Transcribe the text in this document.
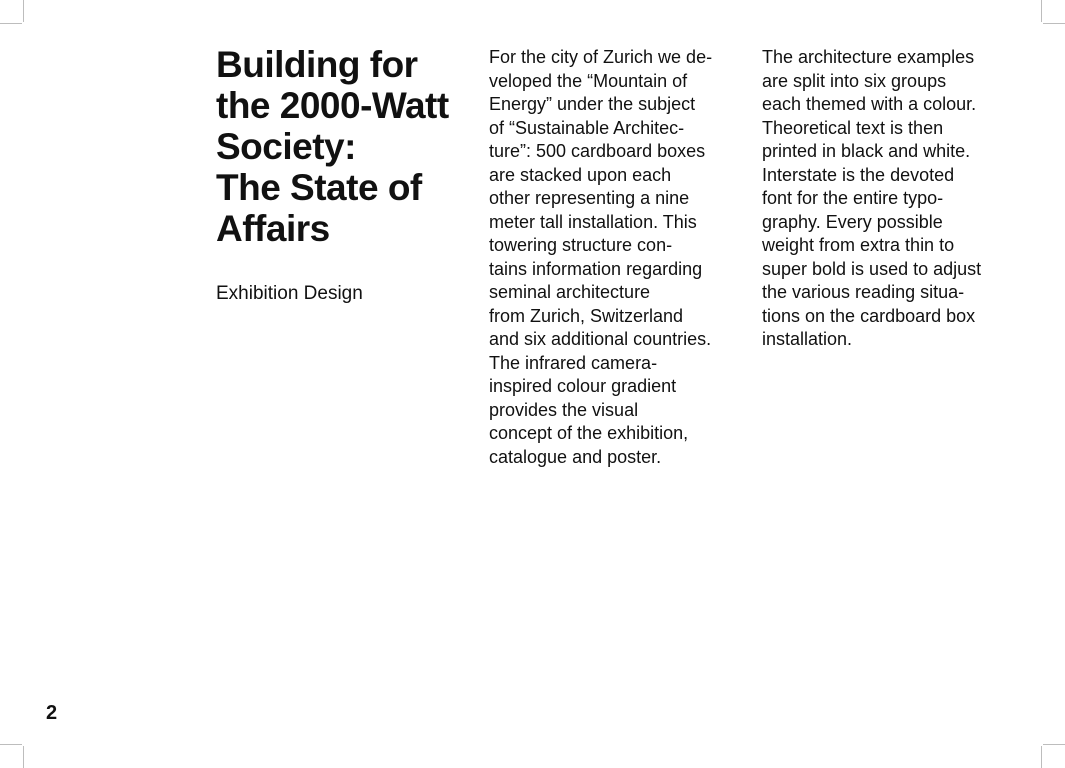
Building for
the 2000-Watt
Society:
The State of
Affairs

Exhibition Design

For the city of Zurich we de-
veloped the “Mountain of
Energy” under the subject
of “Sustainable Architec-
ture”: 500 cardboard boxes
are stacked upon each
other representing a nine
meter tall installation. This
towering structure con-
tains information regarding
seminal architecture
from Zurich, Switzerland
and six additional countries.
The infrared camera-
inspired colour gradient
provides the visual
concept of the exhibition,
catalogue and poster.

The architecture examples
are split into six groups
each themed with a colour.
Theoretical text is then
printed in black and white.
Interstate is the devoted
font for the entire typo-
graphy. Every possible
weight from extra thin to
super bold is used to adjust
the various reading situa-
tions on the cardboard box
installation.

2
